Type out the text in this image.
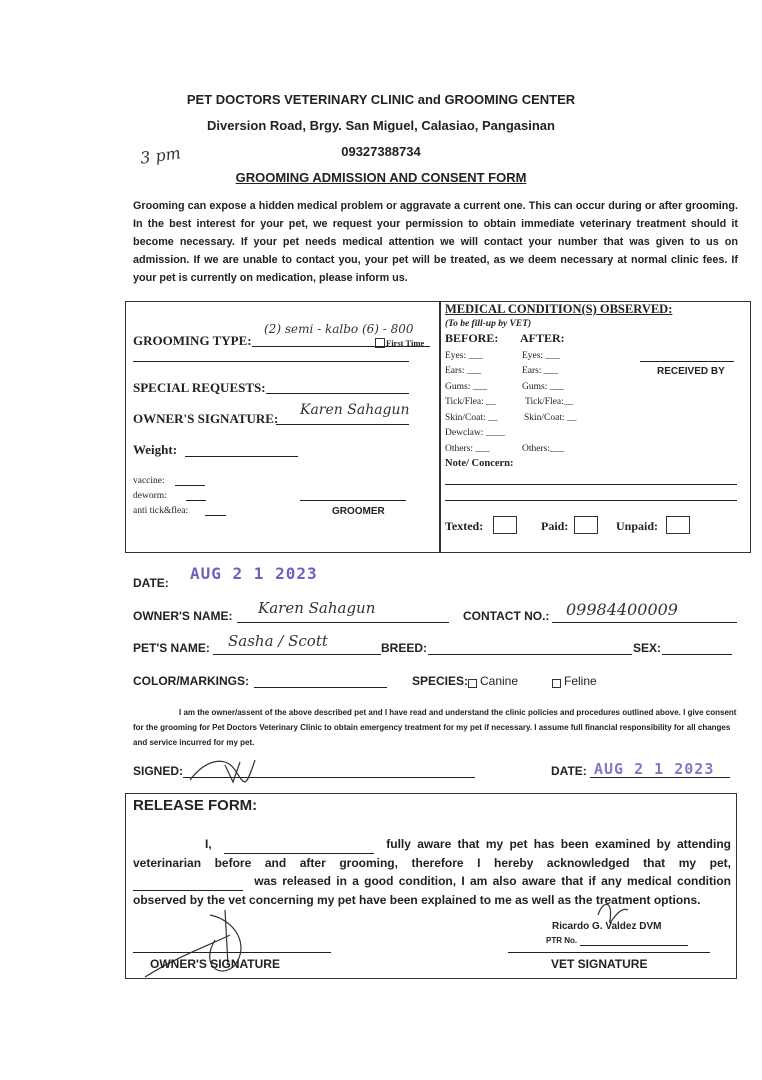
PET DOCTORS VETERINARY CLINIC and GROOMING CENTER
Diversion Road, Brgy. San Miguel, Calasiao, Pangasinan
09327388734
3 pm
GROOMING ADMISSION AND CONSENT FORM
Grooming can expose a hidden medical problem or aggravate a current one. This can occur during or after grooming. In the best interest for your pet, we request your permission to obtain immediate veterinary treatment should it become necessary. If your pet needs medical attention we will contact your number that was given to us on admission. If we are unable to contact you, your pet will be treated, as we deem necessary at normal clinic fees. If your pet is currently on medication, please inform us.
GROOMING TYPE:
(2) semi - kalbo (6) - 800
First Time
SPECIAL REQUESTS:
OWNER'S SIGNATURE:
Karen Sahagun
Weight:
vaccine:
deworm:
anti tick&flea:	GROOMER
MEDICAL CONDITION(S) OBSERVED:
(To be fill-up by VET)
BEFORE: AFTER:
Eyes: ___	Eyes: ___
Ears: ___	Ears: ___
Gums: ___	Gums: ___
Tick/Flea: __	Tick/Flea:__
Skin/Coat: __	Skin/Coat: __
Dewclaw: ____
Others: ___	Others:___
Note/ Concern:
RECEIVED BY
Texted:	Paid:	Unpaid:
DATE: AUG 2 1 2023
OWNER'S NAME: Karen Sahagun	CONTACT NO.: 09984400009
PET'S NAME: Sasha / Scott	BREED:	SEX:
COLOR/MARKINGS:	SPECIES: Canine	Feline
I am the owner/assent of the above described pet and I have read and understand the clinic policies and procedures outlined above. I give consent for the grooming for Pet Doctors Veterinary Clinic to obtain emergency treatment for my pet if necessary. I assume full financial responsibility for all changes and service incurred for my pet.
SIGNED:	DATE: AUG 2 1 2023
RELEASE FORM:
I,	fully aware that my pet has been examined by attending veterinarian before and after grooming, therefore I hereby acknowledged that my pet,   was released in a good condition, I am also aware that if any medical condition observed by the vet concerning my pet have been explained to me as well as the treatment options.
OWNER'S SIGNATURE
Ricardo G. Valdez DVM
PTR No.
VET SIGNATURE
